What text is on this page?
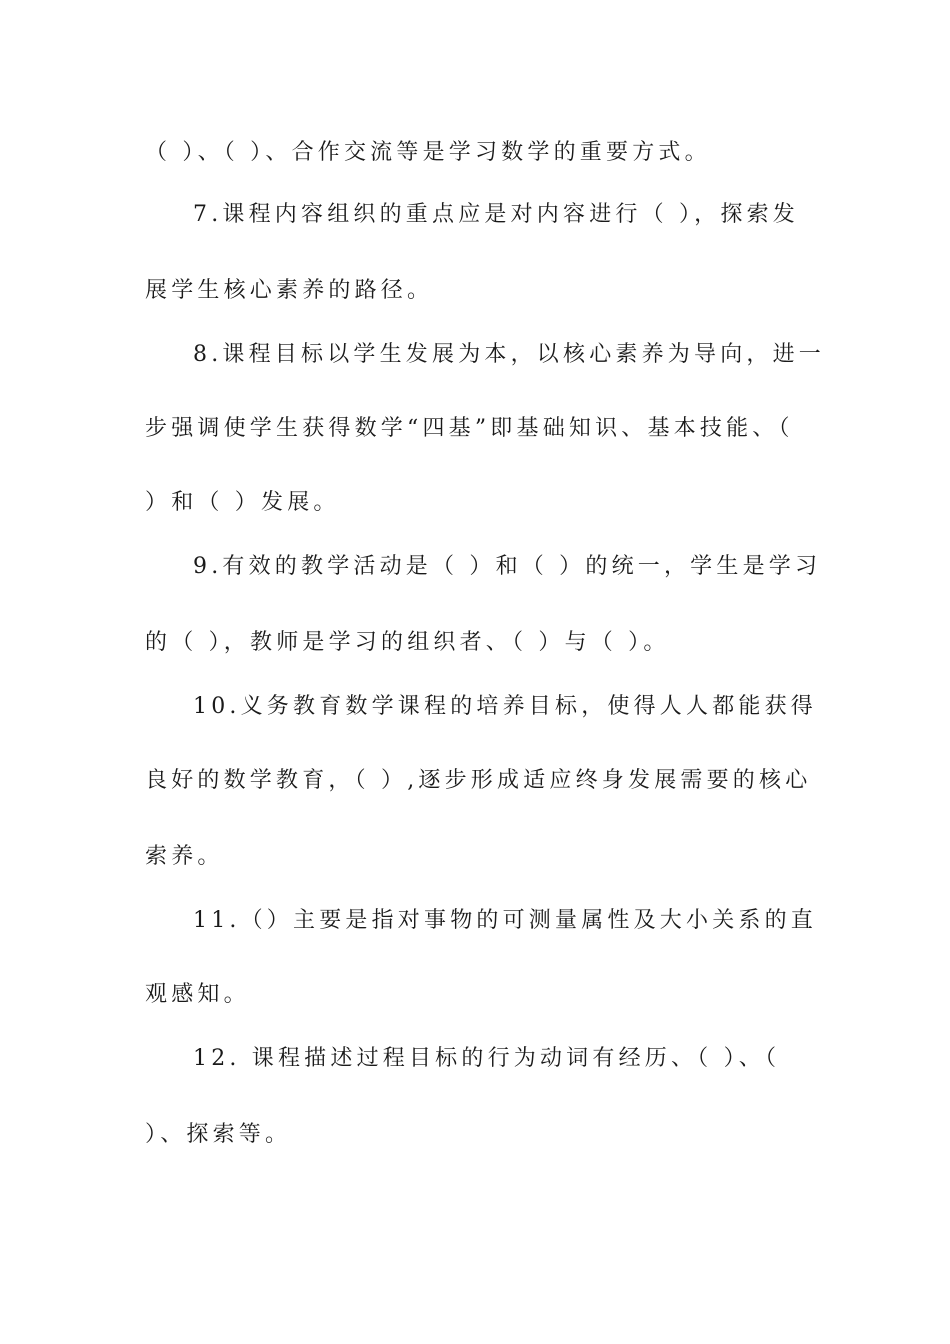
（ ）、（ ）、合作交流等是学习数学的重要方式。
7.课程内容组织的重点应是对内容进行（ ），探索发
展学生核心素养的路径。
8.课程目标以学生发展为本，以核心素养为导向，进一
步强调使学生获得数学“四基”即基础知识、基本技能、（
）和（ ）发展。
9.有效的教学活动是（ ）和（ ）的统一，学生是学习
的（ ），教师是学习的组织者、（ ）与（ ）。
10.义务教育数学课程的培养目标，使得人人都能获得
良好的数学教育，（ ）,逐步形成适应终身发展需要的核心
索养。
11.（）主要是指对事物的可测量属性及大小关系的直
观感知。
12. 课程描述过程目标的行为动词有经历、（ ）、（
）、探索等。
